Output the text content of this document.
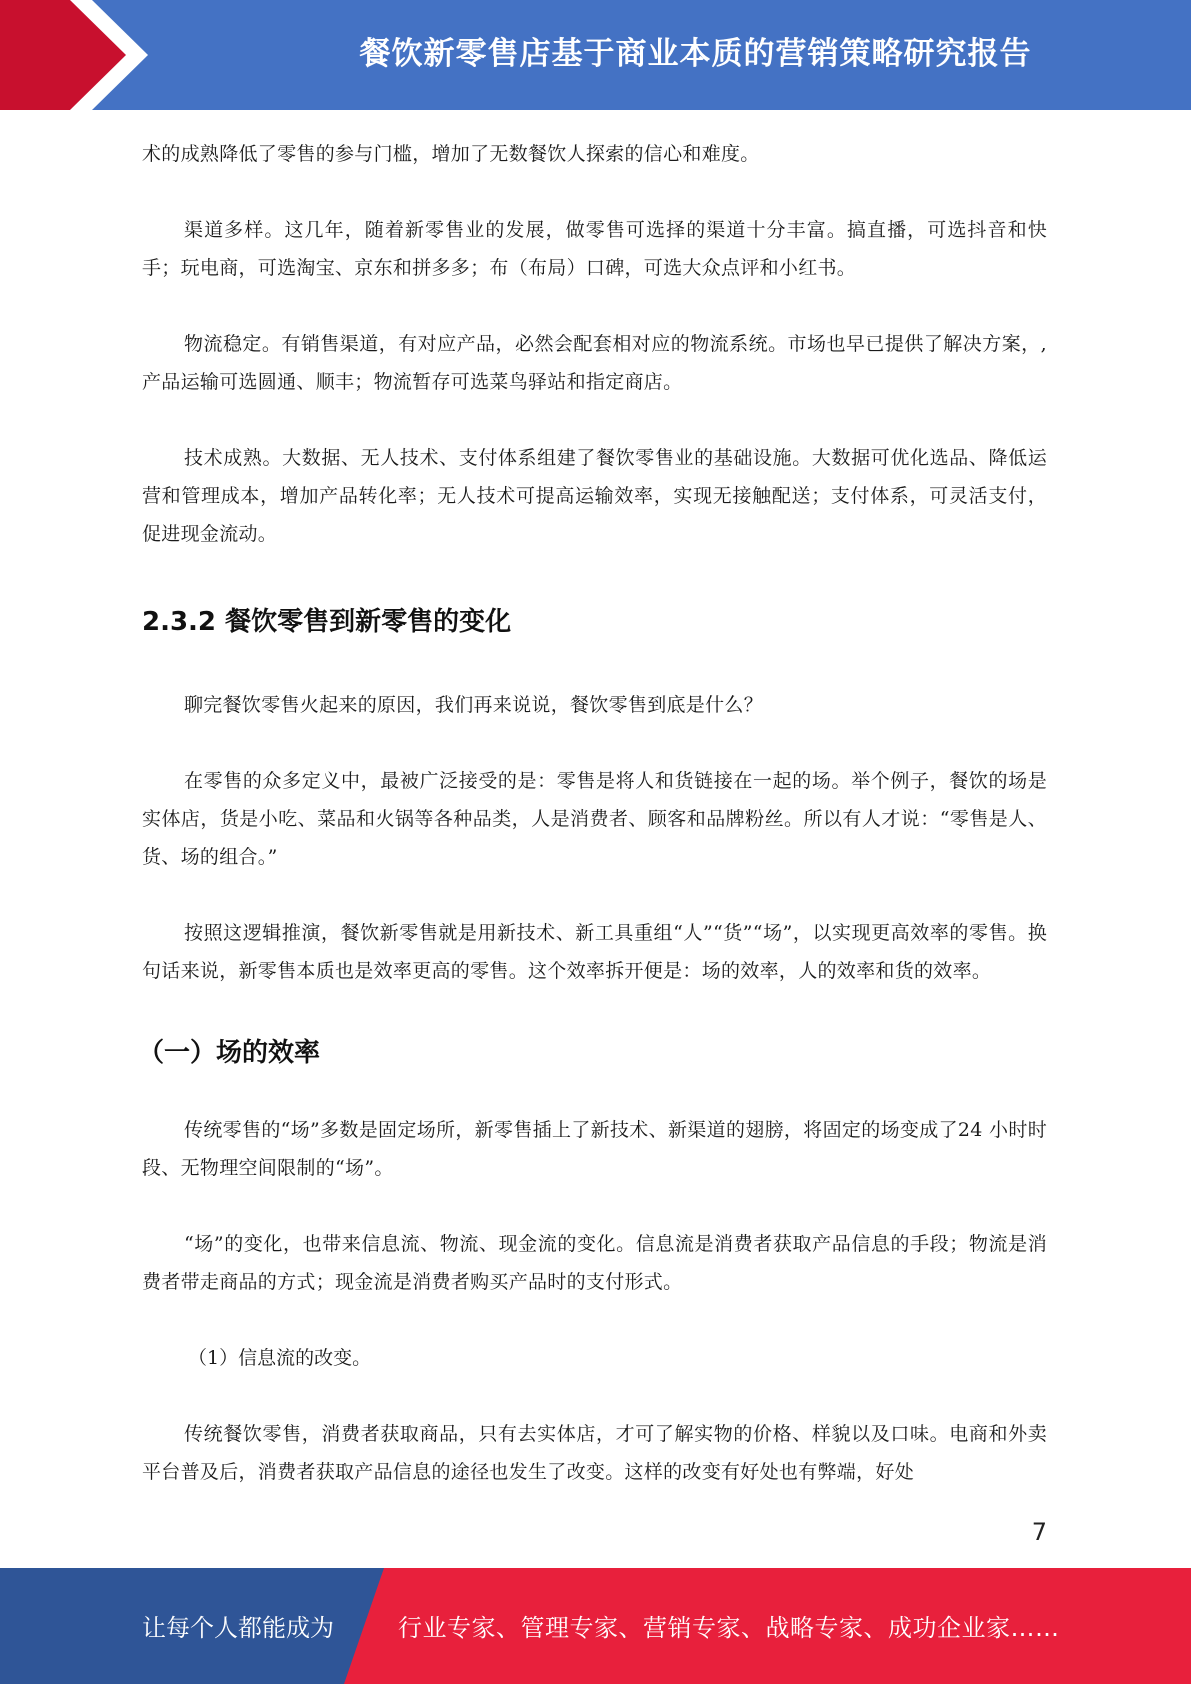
餐饮新零售店基于商业本质的营销策略研究报告

术的成熟降低了零售的参与门槛，增加了无数餐饮人探索的信心和难度。

渠道多样。这几年，随着新零售业的发展，做零售可选择的渠道十分丰富。搞直播，可选抖音和快手；玩电商，可选淘宝、京东和拼多多；布（布局）口碑，可选大众点评和小红书。

物流稳定。有销售渠道，有对应产品，必然会配套相对应的物流系统。市场也早已提供了解决方案，,产品运输可选圆通、顺丰；物流暂存可选菜鸟驿站和指定商店。

技术成熟。大数据、无人技术、支付体系组建了餐饮零售业的基础设施。大数据可优化选品、降低运营和管理成本，增加产品转化率；无人技术可提高运输效率，实现无接触配送；支付体系，可灵活支付，促进现金流动。

2.3.2 餐饮零售到新零售的变化

聊完餐饮零售火起来的原因，我们再来说说，餐饮零售到底是什么？

在零售的众多定义中，最被广泛接受的是：零售是将人和货链接在一起的场。举个例子，餐饮的场是实体店，货是小吃、菜品和火锅等各种品类，人是消费者、顾客和品牌粉丝。所以有人才说：“零售是人、货、场的组合。”

按照这逻辑推演，餐饮新零售就是用新技术、新工具重组“人”“货”“场”，以实现更高效率的零售。换句话来说，新零售本质也是效率更高的零售。这个效率拆开便是：场的效率，人的效率和货的效率。

（一）场的效率

传统零售的“场”多数是固定场所，新零售插上了新技术、新渠道的翅膀，将固定的场变成了24 小时时段、无物理空间限制的“场”。

“场”的变化，也带来信息流、物流、现金流的变化。信息流是消费者获取产品信息的手段；物流是消费者带走商品的方式；现金流是消费者购买产品时的支付形式。

（1）信息流的改变。

传统餐饮零售，消费者获取商品，只有去实体店，才可了解实物的价格、样貌以及口味。电商和外卖平台普及后，消费者获取产品信息的途径也发生了改变。这样的改变有好处也有弊端，好处

7
让每个人都能成为	行业专家、管理专家、营销专家、战略专家、成功企业家……
